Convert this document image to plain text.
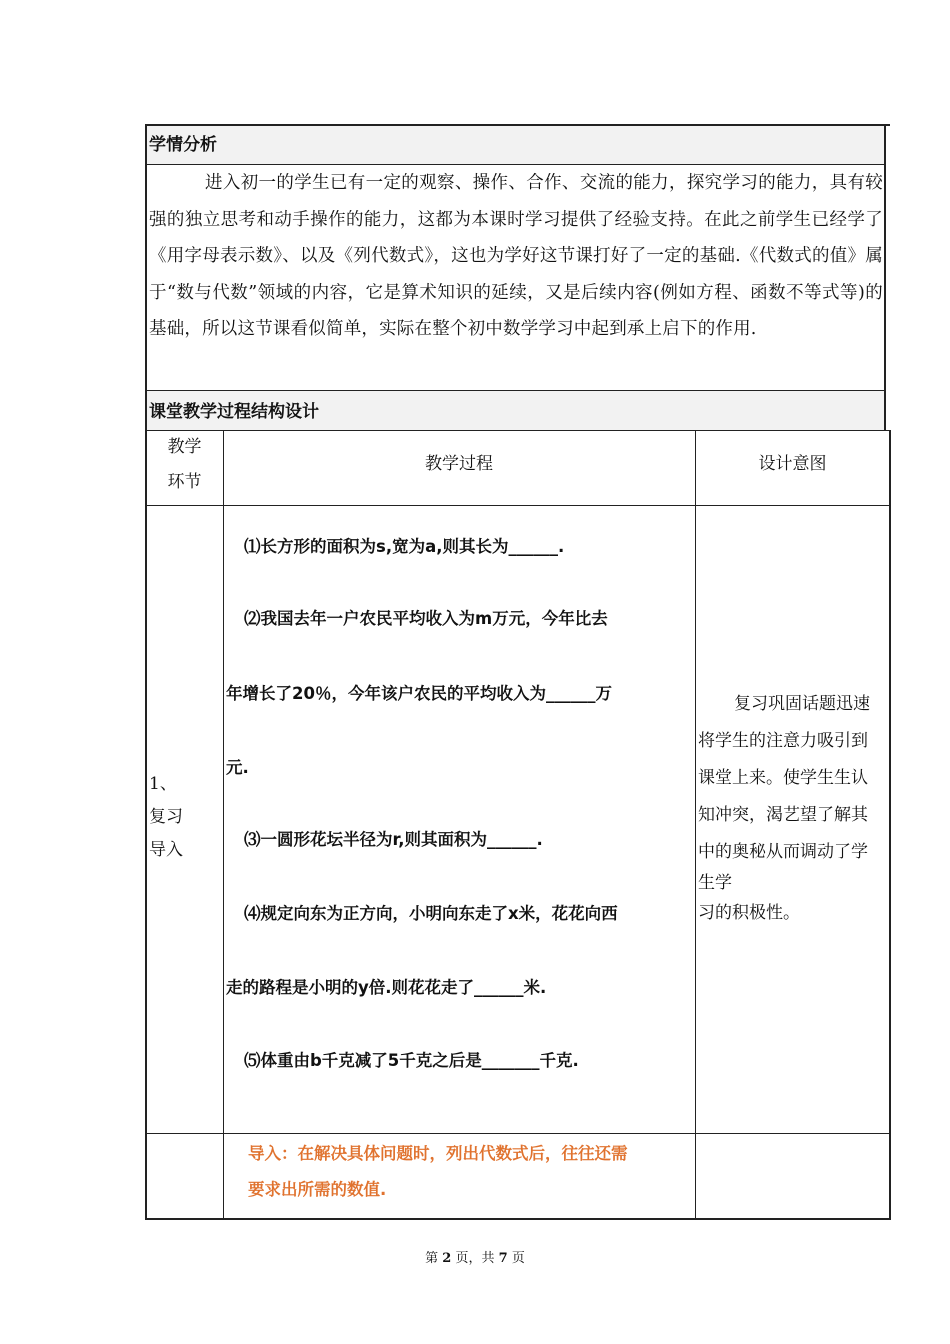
学情分析

进入初一的学生已有一定的观察、操作、合作、交流的能力，探究学习的能力，具有较强的独立思考和动手操作的能力，这都为本课时学习提供了经验支持。在此之前学生已经学了《用字母表示数》、以及《列代数式》，这也为学好这节课打好了一定的基础.《代数式的值》属于“数与代数”领域的内容，它是算术知识的延续，又是后续内容(例如方程、函数不等式等)的基础，所以这节课看似简单，实际在整个初中数学学习中起到承上启下的作用.

课堂教学过程结构设计
教学
环节
教学过程	设计意图
1、
复习
导入
⑴长方形的面积为s,宽为a,则其长为______.
⑵我国去年一户农民平均收入为m万元，今年比去
年增长了20％，今年该户农民的平均收入为______万
元.
⑶一圆形花坛半径为r,则其面积为______.
⑷规定向东为正方向，小明向东走了x米，花花向西
走的路程是小明的y倍.则花花走了______米.
⑸体重由b千克减了5千克之后是_______千克.
复习巩固话题迅速
将学生的注意力吸引到
课堂上来。使学生生认
知冲突，渴艺望了解其
中的奥秘从而调动了学
生学
习的积极性。
导入：在解决具体问题时，列出代数式后，往往还需
要求出所需的数值.
第 2 页，共 7 页
